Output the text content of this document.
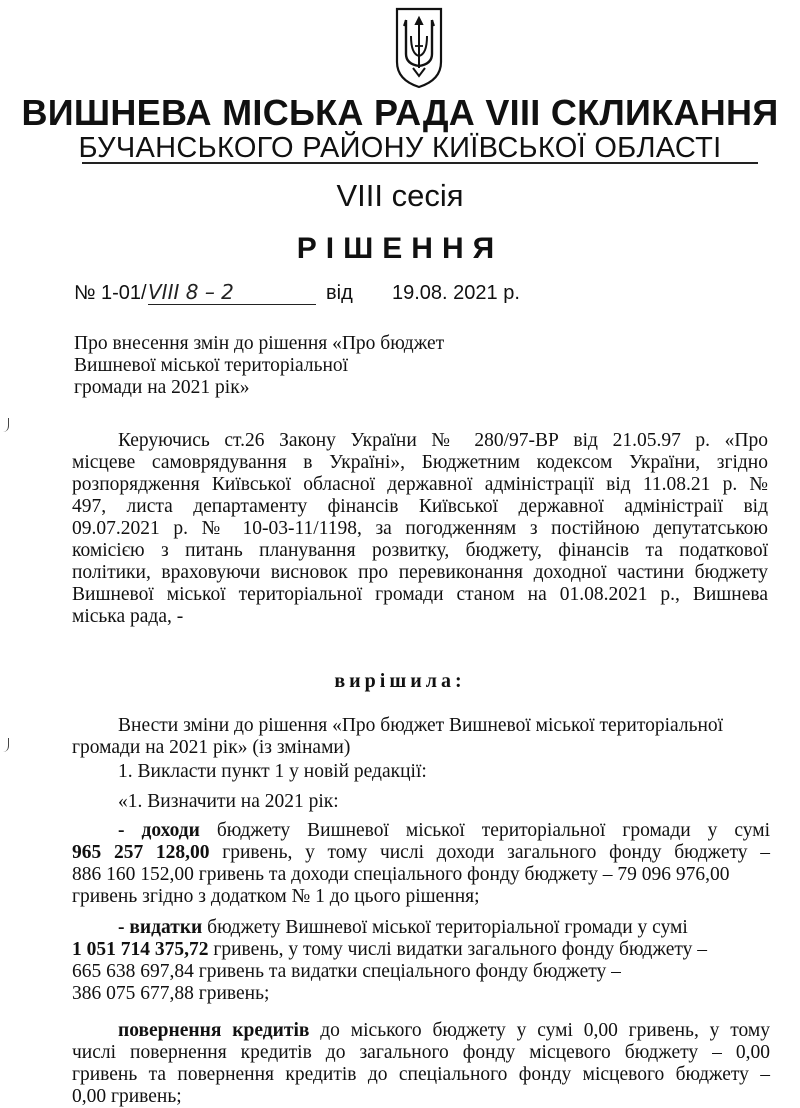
ВИШНЕВА МІСЬКА РАДА VIII СКЛИКАННЯ
БУЧАНСЬКОГО РАЙОНУ КИЇВСЬКОЇ ОБЛАСТІ
VIII сесія
РІШЕННЯ
№ 1-01/ VIII 8 – 2	від 19.08. 2021 р.
Про внесення змін до рішення «Про бюджет
Вишневої міської територіальної
громади на 2021 рік»
Керуючись ст.26 Закону України № 280/97-ВР від 21.05.97 р. «Про
місцеве самоврядування в Україні», Бюджетним кодексом України, згідно
розпорядження Київської обласної державної адміністрації від 11.08.21 р. №
497, листа департаменту фінансів Київської державної адміністраії від
09.07.2021 р. № 10-03-11/1198, за погодженням з постійною депутатською
комісією з питань планування розвитку, бюджету, фінансів та податкової
політики, враховуючи висновок про перевиконання доходної частини бюджету
Вишневої міської територіальної громади станом на 01.08.2021 р., Вишнева
міська рада, -
вирішила:
Внести зміни до рішення «Про бюджет Вишневої міської територіальної
громади на 2021 рік» (із змінами)
1. Викласти пункт 1 у новій редакції:
«1. Визначити на 2021 рік:
- доходи бюджету Вишневої міської територіальної громади у сумі
965 257 128,00 гривень, у тому числі доходи загального фонду бюджету –
886 160 152,00 гривень та доходи спеціального фонду бюджету – 79 096 976,00
гривень згідно з додатком № 1 до цього рішення;
- видатки бюджету Вишневої міської територіальної громади у сумі
1 051 714 375,72 гривень, у тому числі видатки загального фонду бюджету –
665 638 697,84 гривень та видатки спеціального фонду бюджету –
386 075 677,88 гривень;
повернення кредитів до міського бюджету у сумі 0,00 гривень, у тому
числі повернення кредитів до загального фонду місцевого бюджету – 0,00
гривень та повернення кредитів до спеціального фонду місцевого бюджету –
0,00 гривень;
